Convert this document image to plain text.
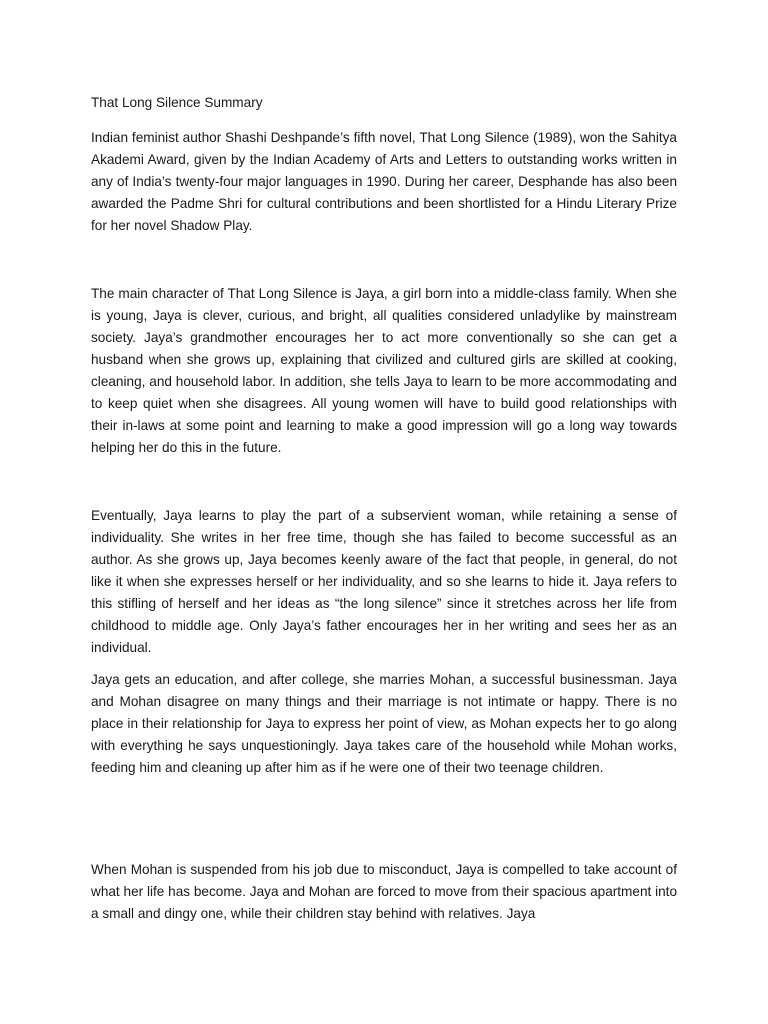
That Long Silence Summary

Indian feminist author Shashi Deshpande’s fifth novel, That Long Silence (1989), won the Sahitya Akademi Award, given by the Indian Academy of Arts and Letters to outstanding works written in any of India’s twenty-four major languages in 1990. During her career, Desphande has also been awarded the Padme Shri for cultural contributions and been shortlisted for a Hindu Literary Prize for her novel Shadow Play.

The main character of That Long Silence is Jaya, a girl born into a middle-class family. When she is young, Jaya is clever, curious, and bright, all qualities considered unladylike by mainstream society. Jaya’s grandmother encourages her to act more conventionally so she can get a husband when she grows up, explaining that civilized and cultured girls are skilled at cooking, cleaning, and household labor. In addition, she tells Jaya to learn to be more accommodating and to keep quiet when she disagrees. All young women will have to build good relationships with their in-laws at some point and learning to make a good impression will go a long way towards helping her do this in the future.

Eventually, Jaya learns to play the part of a subservient woman, while retaining a sense of individuality. She writes in her free time, though she has failed to become successful as an author. As she grows up, Jaya becomes keenly aware of the fact that people, in general, do not like it when she expresses herself or her individuality, and so she learns to hide it. Jaya refers to this stifling of herself and her ideas as “the long silence” since it stretches across her life from childhood to middle age. Only Jaya’s father encourages her in her writing and sees her as an individual.

Jaya gets an education, and after college, she marries Mohan, a successful businessman. Jaya and Mohan disagree on many things and their marriage is not intimate or happy. There is no place in their relationship for Jaya to express her point of view, as Mohan expects her to go along with everything he says unquestioningly. Jaya takes care of the household while Mohan works, feeding him and cleaning up after him as if he were one of their two teenage children.

When Mohan is suspended from his job due to misconduct, Jaya is compelled to take account of what her life has become. Jaya and Mohan are forced to move from their spacious apartment into a small and dingy one, while their children stay behind with relatives. Jaya
